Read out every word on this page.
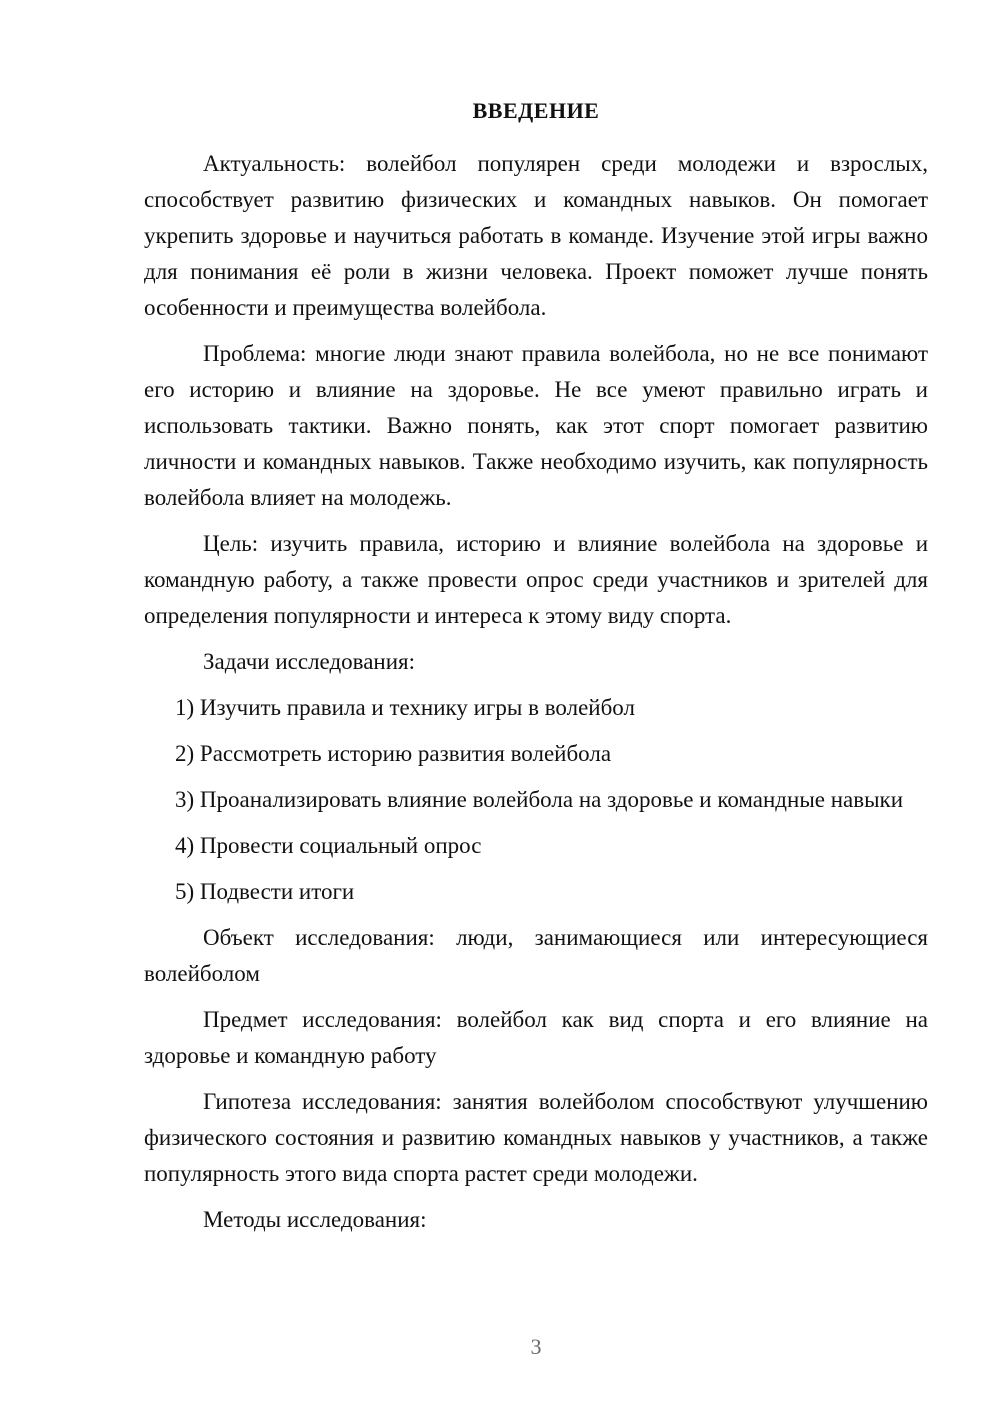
ВВЕДЕНИЕ

Актуальность: волейбол популярен среди молодежи и взрослых, способствует развитию физических и командных навыков. Он помогает укрепить здоровье и научиться работать в команде. Изучение этой игры важно для понимания её роли в жизни человека. Проект поможет лучше понять особенности и преимущества волейбола.

Проблема: многие люди знают правила волейбола, но не все понимают его историю и влияние на здоровье. Не все умеют правильно играть и использовать тактики. Важно понять, как этот спорт помогает развитию личности и командных навыков. Также необходимо изучить, как популярность волейбола влияет на молодежь.

Цель: изучить правила, историю и влияние волейбола на здоровье и командную работу, а также провести опрос среди участников и зрителей для определения популярности и интереса к этому виду спорта.

Задачи исследования:

1) Изучить правила и технику игры в волейбол

2) Рассмотреть историю развития волейбола

3) Проанализировать влияние волейбола на здоровье и командные навыки

4) Провести социальный опрос

5) Подвести итоги

Объект исследования: люди, занимающиеся или интересующиеся волейболом

Предмет исследования: волейбол как вид спорта и его влияние на здоровье и командную работу

Гипотеза исследования: занятия волейболом способствуют улучшению физического состояния и развитию командных навыков у участников, а также популярность этого вида спорта растет среди молодежи.

Методы исследования:

3
